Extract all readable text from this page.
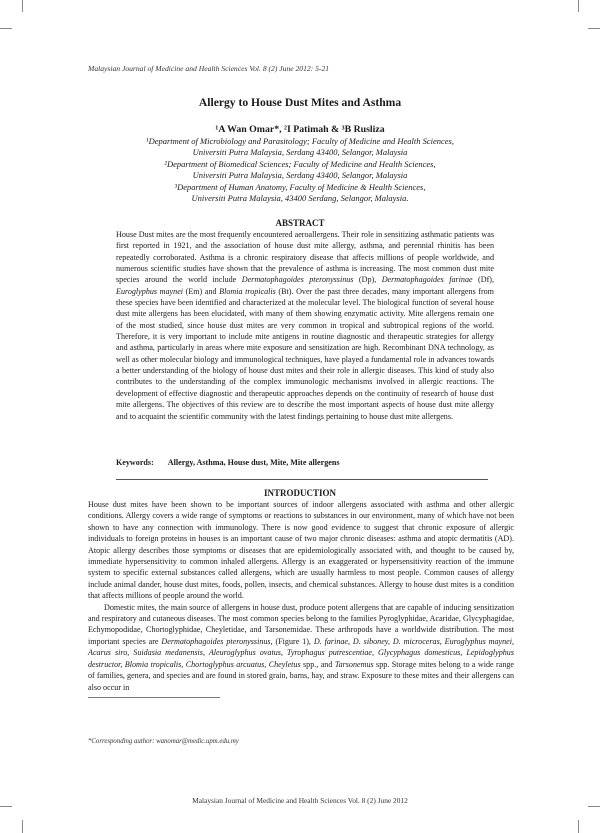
Malaysian Journal of Medicine and Health Sciences Vol. 8 (2) June 2012: 5-21
Allergy to House Dust Mites and Asthma
¹A Wan Omar*, ²I Patimah & ³B Rusliza
¹Department of Microbiology and Parasitology; Faculty of Medicine and Health Sciences,
Universiti Putra Malaysia, Serdang 43400, Selangor, Malaysia
²Department of Biomedical Sciences; Faculty of Medicine and Health Sciences,
Universiti Putra Malaysia, Serdang 43400, Selangor, Malaysia
³Department of Human Anatomy, Faculty of Medicine & Health Sciences,
Universiti Putra Malaysia, 43400 Serdang, Selangor, Malaysia.
ABSTRACT
House Dust mites are the most frequently encountered aeroallergens. Their role in sensitizing asthmatic patients was first reported in 1921, and the association of house dust mite allergy, asthma, and perennial rhinitis has been repeatedly corroborated. Asthma is a chronic respiratory disease that affects millions of people worldwide, and numerous scientific studies have shown that the prevalence of asthma is increasing. The most common dust mite species around the world include Dermatophagoides pteronyssinus (Dp), Dermatophagoides farinae (Df), Euroglyphus maynei (Em) and Blomia tropicalis (Bt). Over the past three decades, many important allergens from these species have been identified and characterized at the molecular level. The biological function of several house dust mite allergens has been elucidated, with many of them showing enzymatic activity. Mite allergens remain one of the most studied, since house dust mites are very common in tropical and subtropical regions of the world. Therefore, it is very important to include mite antigens in routine diagnostic and therapeutic strategies for allergy and asthma, particularly in areas where mite exposure and sensitization are high. Recombinant DNA technology, as well as other molecular biology and immunological techniques, have played a fundamental role in advances towards a better understanding of the biology of house dust mites and their role in allergic diseases. This kind of study also contributes to the understanding of the complex immunologic mechanisms involved in allergic reactions. The development of effective diagnostic and therapeutic approaches depends on the continuity of research of house dust mite allergens. The objectives of this review are to describe the most important aspects of house dust mite allergy and to acquaint the scientific community with the latest findings pertaining to house dust mite allergens.
Keywords: Allergy, Asthma, House dust, Mite, Mite allergens
INTRODUCTION

House dust mites have been shown to be important sources of indoor allergens associated with asthma and other allergic conditions. Allergy covers a wide range of symptoms or reactions to substances in our environment, many of which have not been shown to have any connection with immunology. There is now good evidence to suggest that chronic exposure of allergic individuals to foreign proteins in houses is an important cause of two major chronic diseases: asthma and atopic dermatitis (AD). Atopic allergy describes those symptoms or diseases that are epidemiologically associated with, and thought to be caused by, immediate hypersensitivity to common inhaled allergens. Allergy is an exaggerated or hypersensitivity reaction of the immune system to specific external substances called allergens, which are usually harmless to most people. Common causes of allergy include animal dander, house dust mites, foods, pollen, insects, and chemical substances. Allergy to house dust mites is a condition that affects millions of people around the world.

Domestic mites, the main source of allergens in house dust, produce potent allergens that are capable of inducing sensitization and respiratory and cutaneous diseases. The most common species belong to the families Pyroglyphidae, Acaridae, Glycyphagidae, Echymopodidae, Chortoglyphidae, Cheyletidae, and Tarsonemidae. These arthropods have a worldwide distribution. The most important species are Dermatophagoides pteronyssinus, (Figure 1), D. farinae, D. siboney, D. microceras, Euroglyphus maynei, Acarus siro, Suidasia medanensis, Aleuroglyphus ovatus, Tyrophagus putrescentiae, Glycyphagus domesticus, Lepidoglyphus destructor, Blomia tropicalis, Chortoglyphus arcuatus, Cheyletus spp., and Tarsonemus spp. Storage mites belong to a wide range of families, genera, and species and are found in stored grain, barns, hay, and straw. Exposure to these mites and their allergens can also occur in

*Corresponding author: wanomar@medic.upm.edu.my
Malaysian Journal of Medicine and Health Sciences Vol. 8 (2) June 2012
